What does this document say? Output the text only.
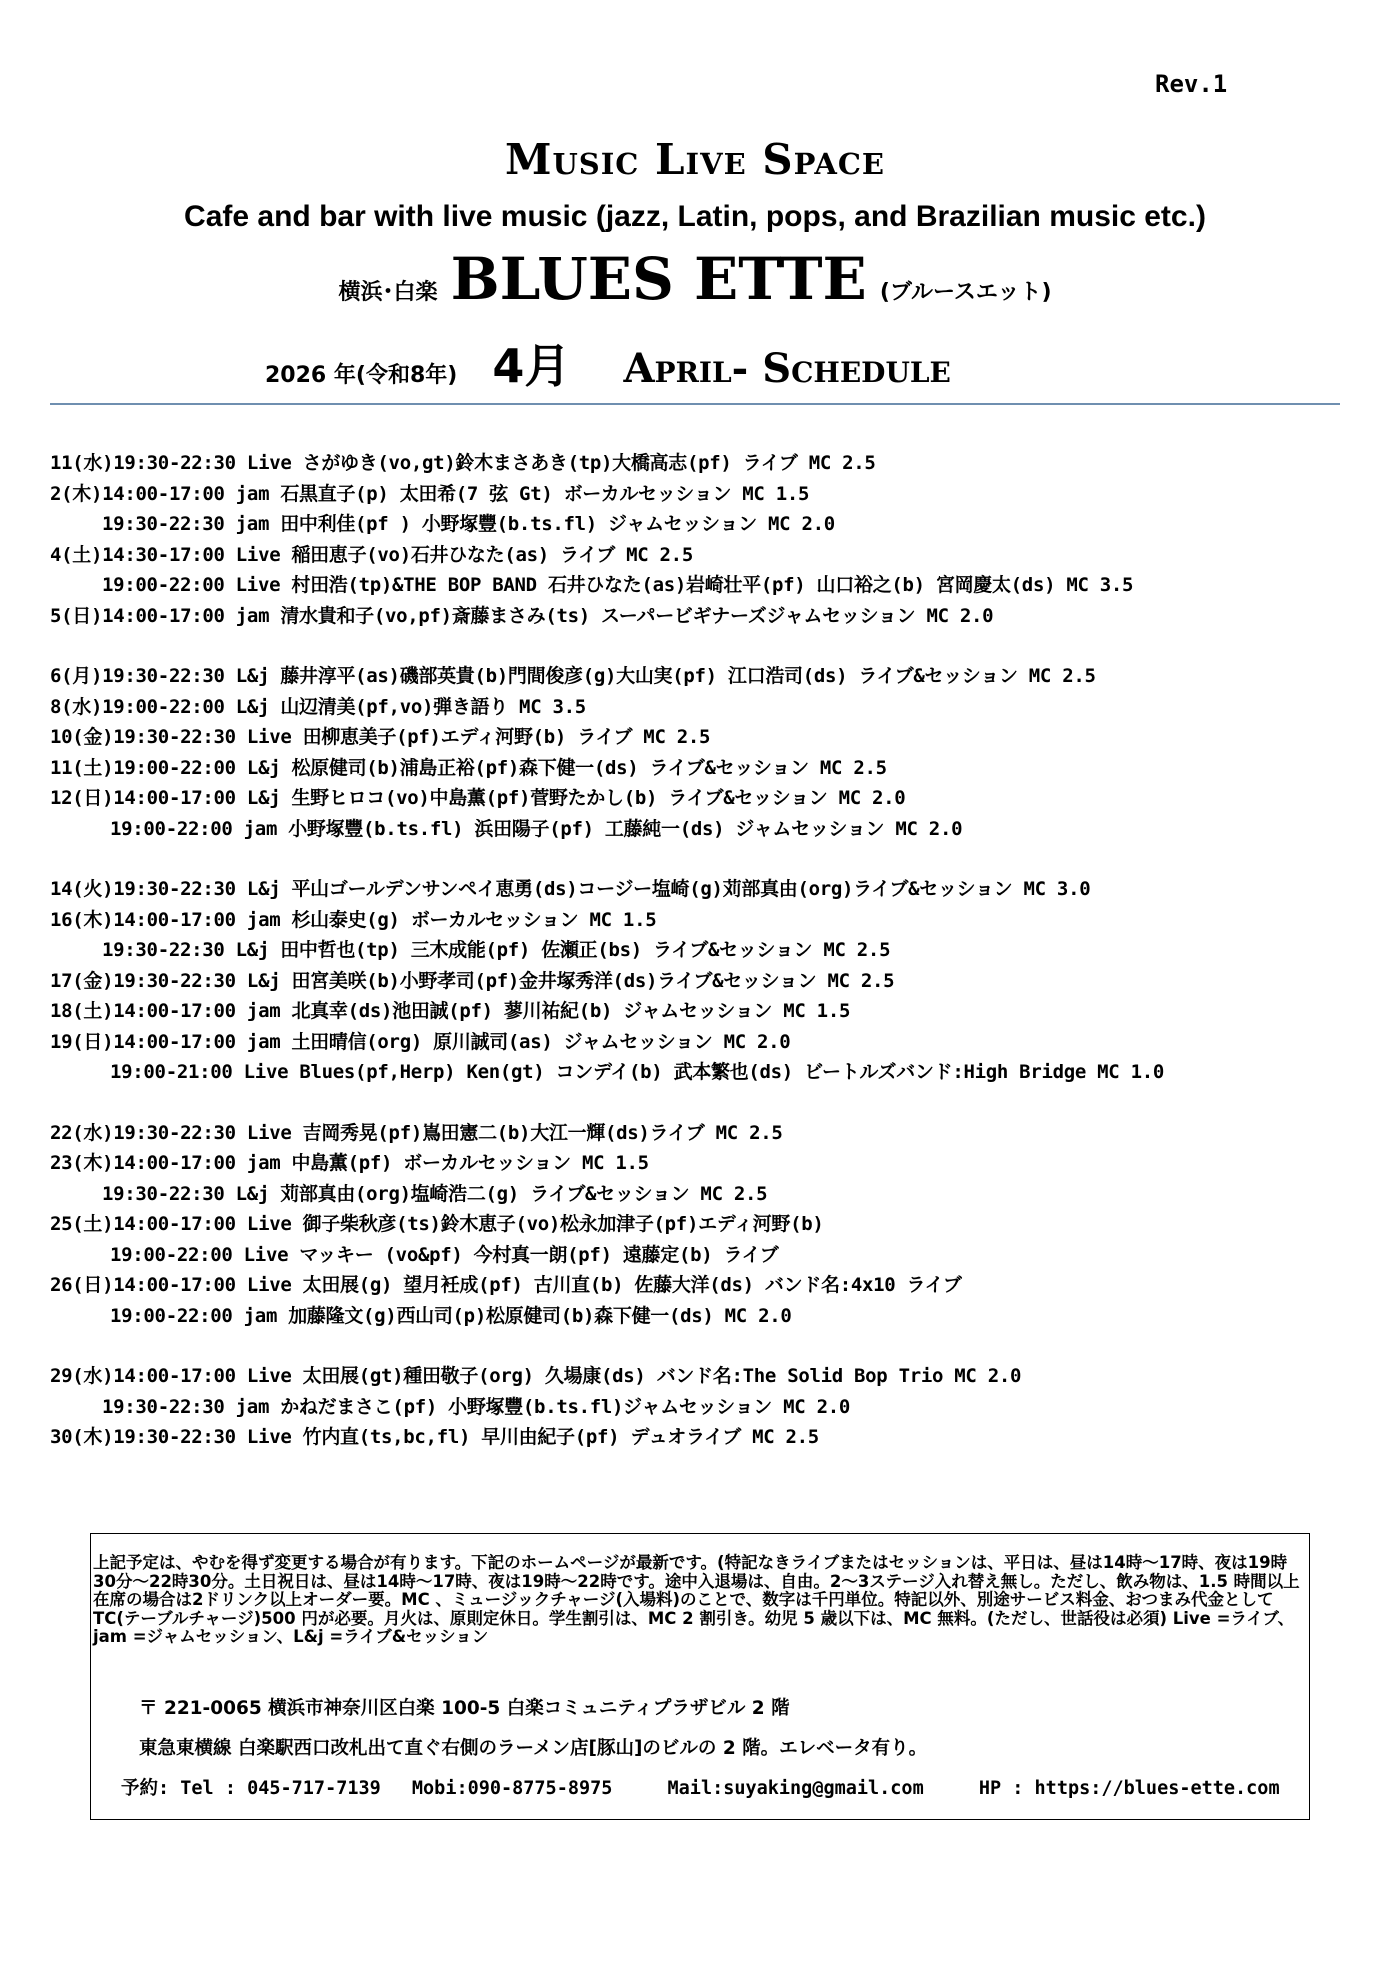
Rev.1
Music Live Space
Cafe and bar with live music (jazz, Latin, pops, and Brazilian music etc.)
横浜･白楽 BLUES ETTE (ブルースエット)
2026 年(令和8年) 4月 April- Schedule
11(水)19:30-22:30 Live さがゆき(vo,gt)鈴木まさあき(tp)大橋高志(pf) ライブ MC 2.5
2(木)14:00-17:00 jam 石黒直子(p) 太田希(7 弦 Gt) ボーカルセッション MC 1.5
19:30-22:30 jam 田中利佳(pf ) 小野塚豐(b.ts.fl) ジャムセッション MC 2.0
4(土)14:30-17:00 Live 稲田恵子(vo)石井ひなた(as) ライブ MC 2.5
19:00-22:00 Live 村田浩(tp)&THE BOP BAND 石井ひなた(as)岩崎壮平(pf) 山口裕之(b) 宮岡慶太(ds) MC 3.5
5(日)14:00-17:00 jam 清水貴和子(vo,pf)斎藤まさみ(ts) スーパービギナーズジャムセッション MC 2.0
6(月)19:30-22:30 L&j 藤井淳平(as)磯部英貴(b)門間俊彦(g)大山実(pf) 江口浩司(ds) ライブ&セッション MC 2.5
8(水)19:00-22:00 L&j 山辺清美(pf,vo)弾き語り MC 3.5
10(金)19:30-22:30 Live 田柳恵美子(pf)エディ河野(b) ライブ MC 2.5
11(土)19:00-22:00 L&j 松原健司(b)浦島正裕(pf)森下健一(ds) ライブ&セッション MC 2.5
12(日)14:00-17:00 L&j 生野ヒロコ(vo)中島薫(pf)菅野たかし(b) ライブ&セッション MC 2.0
19:00-22:00 jam 小野塚豐(b.ts.fl) 浜田陽子(pf) 工藤純一(ds) ジャムセッション MC 2.0
14(火)19:30-22:30 L&j 平山ゴールデンサンペイ恵勇(ds)コージー塩崎(g)苅部真由(org)ライブ&セッション MC 3.0
16(木)14:00-17:00 jam 杉山泰史(g) ボーカルセッション MC 1.5
19:30-22:30 L&j 田中哲也(tp) 三木成能(pf) 佐瀬正(bs) ライブ&セッション MC 2.5
17(金)19:30-22:30 L&j 田宮美咲(b)小野孝司(pf)金井塚秀洋(ds)ライブ&セッション MC 2.5
18(土)14:00-17:00 jam 北真幸(ds)池田誠(pf) 蓼川祐紀(b) ジャムセッション MC 1.5
19(日)14:00-17:00 jam 土田晴信(org) 原川誠司(as) ジャムセッション MC 2.0
19:00-21:00 Live Blues(pf,Herp) Ken(gt) コンデイ(b) 武本繁也(ds) ビートルズバンド:High Bridge MC 1.0
22(水)19:30-22:30 Live 吉岡秀晃(pf)嶌田憲二(b)大江一輝(ds)ライブ MC 2.5
23(木)14:00-17:00 jam 中島薫(pf) ボーカルセッション MC 1.5
19:30-22:30 L&j 苅部真由(org)塩崎浩二(g) ライブ&セッション MC 2.5
25(土)14:00-17:00 Live 御子柴秋彦(ts)鈴木恵子(vo)松永加津子(pf)エディ河野(b)
19:00-22:00 Live マッキー (vo&pf) 今村真一朗(pf) 遠藤定(b) ライブ
26(日)14:00-17:00 Live 太田展(g) 望月衽成(pf) 古川直(b) 佐藤大洋(ds) バンド名:4x10 ライブ
19:00-22:00 jam 加藤隆文(g)西山司(p)松原健司(b)森下健一(ds) MC 2.0
29(水)14:00-17:00 Live 太田展(gt)種田敬子(org) 久場康(ds) バンド名:The Solid Bop Trio MC 2.0
19:30-22:30 jam かねだまさこ(pf) 小野塚豐(b.ts.fl)ジャムセッション MC 2.0
30(木)19:30-22:30 Live 竹内直(ts,bc,fl) 早川由紀子(pf) デュオライブ MC 2.5
上記予定は、やむを得ず変更する場合が有ります。下記のホームページが最新です。(特記なきライブまたはセッションは、平日は、昼は14時～17時、夜は19時30分～22時30分。土日祝日は、昼は14時～17時、夜は19時～22時です。途中入退場は、自由。2～3ステージ入れ替え無し。ただし、飲み物は、1.5 時間以上在席の場合は2ドリンク以上オーダー要。MC 、ミュージックチャージ(入場料)のことで、数字は千円単位。特記以外、別途サービス料金、おつまみ代金としてTC(テーブルチャージ)500 円が必要。月火は、原則定休日。学生割引は、MC 2 割引き。幼児 5 歳以下は、MC 無料。(ただし、世話役は必須) Live =ライブ、jam =ジャムセッション、L&j =ライブ&セッション
〒 221-0065 横浜市神奈川区白楽 100-5 白楽コミュニティプラザビル 2 階
東急東横線 白楽駅西口改札出て直ぐ右側のラーメン店[豚山]のビルの 2 階。エレベータ有り。
予約: Tel : 045-717-7139 Mobi:090-8775-8975	Mail:suyaking@gmail.com	HP : https://blues-ette.com
